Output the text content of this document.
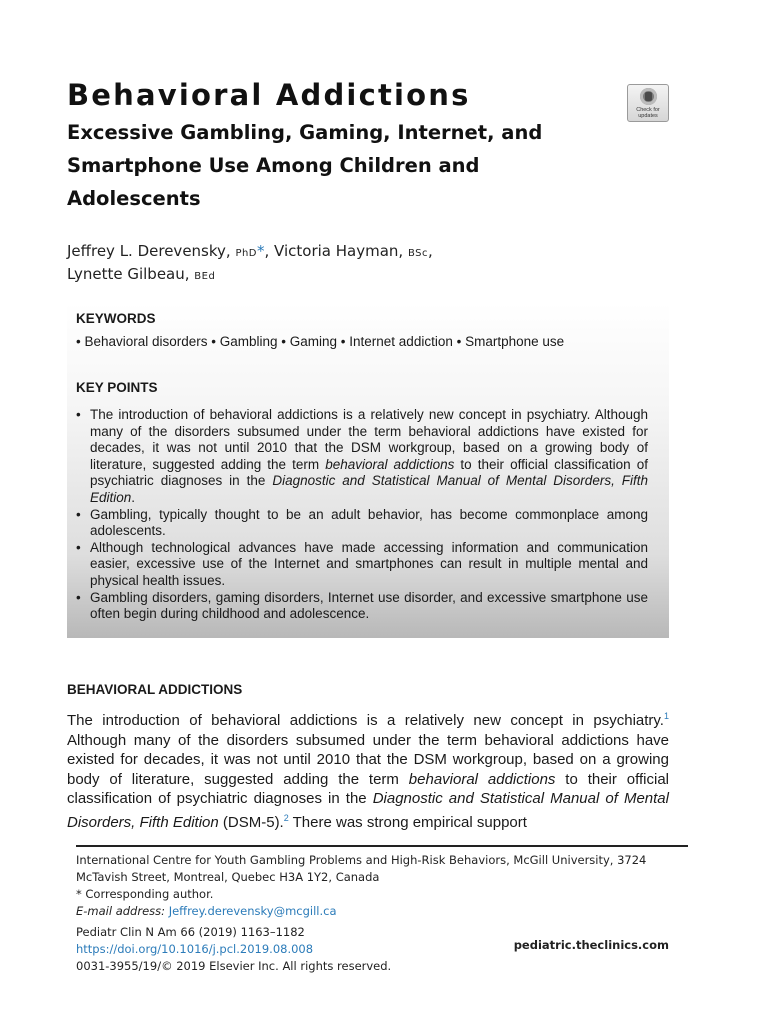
Behavioral Addictions	Check for updates
Excessive Gambling, Gaming, Internet, and Smartphone Use Among Children and Adolescents
Jeffrey L. Derevensky, PhD*, Victoria Hayman, BSc,
Lynette Gilbeau, BEd
KEYWORDS
• Behavioral disorders • Gambling • Gaming • Internet addiction • Smartphone use
KEY POINTS
• The introduction of behavioral addictions is a relatively new concept in psychiatry. Although many of the disorders subsumed under the term behavioral addictions have existed for decades, it was not until 2010 that the DSM workgroup, based on a growing body of literature, suggested adding the term behavioral addictions to their official classification of psychiatric diagnoses in the Diagnostic and Statistical Manual of Mental Disorders, Fifth Edition.
• Gambling, typically thought to be an adult behavior, has become commonplace among adolescents.
• Although technological advances have made accessing information and communication easier, excessive use of the Internet and smartphones can result in multiple mental and physical health issues.
• Gambling disorders, gaming disorders, Internet use disorder, and excessive smartphone use often begin during childhood and adolescence.
BEHAVIORAL ADDICTIONS

The introduction of behavioral addictions is a relatively new concept in psychiatry.$^1$ Although many of the disorders subsumed under the term behavioral addictions have existed for decades, it was not until 2010 that the DSM workgroup, based on a growing body of literature, suggested adding the term behavioral addictions to their official classification of psychiatric diagnoses in the Diagnostic and Statistical Manual of Mental Disorders, Fifth Edition (DSM-5).$^2$ There was strong empirical support

International Centre for Youth Gambling Problems and High-Risk Behaviors, McGill University, 3724 McTavish Street, Montreal, Quebec H3A 1Y2, Canada
* Corresponding author.
E-mail address: Jeffrey.derevensky@mcgill.ca
Pediatr Clin N Am 66 (2019) 1163–1182
https://doi.org/10.1016/j.pcl.2019.08.008
0031-3955/19/© 2019 Elsevier Inc. All rights reserved.
pediatric.theclinics.com
